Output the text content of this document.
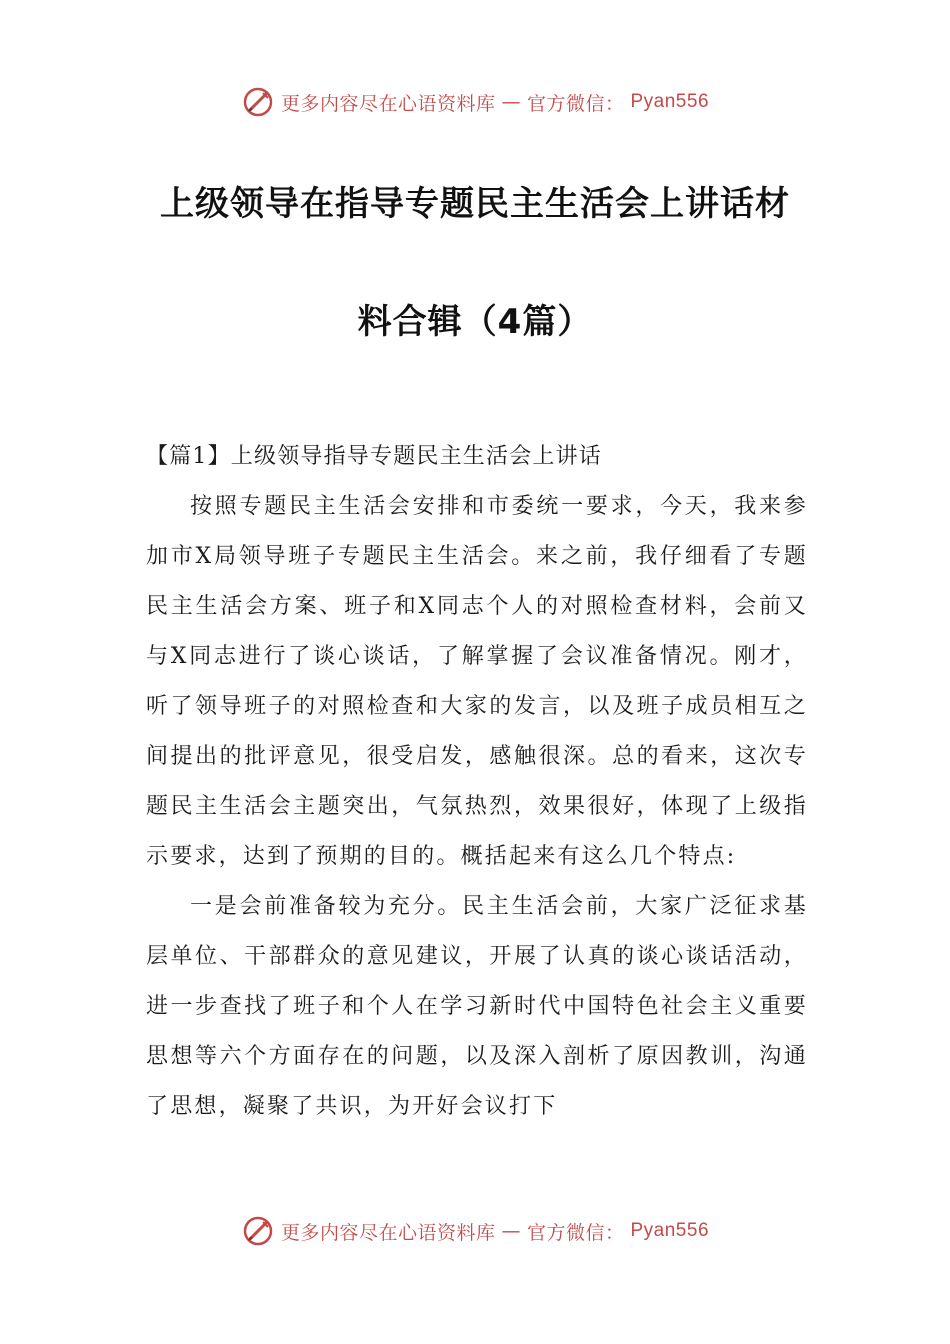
更多内容尽在心语资料库 — 官方微信： Pyan556
上级领导在指导专题民主生活会上讲话材
料合辑（4篇）

【篇1】上级领导指导专题民主生活会上讲话

按照专题民主生活会安排和市委统一要求，今天，我来参加市X局领导班子专题民主生活会。来之前，我仔细看了专题民主生活会方案、班子和X同志个人的对照检查材料，会前又与X同志进行了谈心谈话，了解掌握了会议准备情况。刚才，听了领导班子的对照检查和大家的发言，以及班子成员相互之间提出的批评意见，很受启发，感触很深。总的看来，这次专题民主生活会主题突出，气氛热烈，效果很好，体现了上级指示要求，达到了预期的目的。概括起来有这么几个特点:

一是会前准备较为充分。民主生活会前，大家广泛征求基层单位、干部群众的意见建议，开展了认真的谈心谈话活动，进一步查找了班子和个人在学习新时代中国特色社会主义重要思想等六个方面存在的问题，以及深入剖析了原因教训，沟通了思想，凝聚了共识，为开好会议打下

更多内容尽在心语资料库 — 官方微信： Pyan556
